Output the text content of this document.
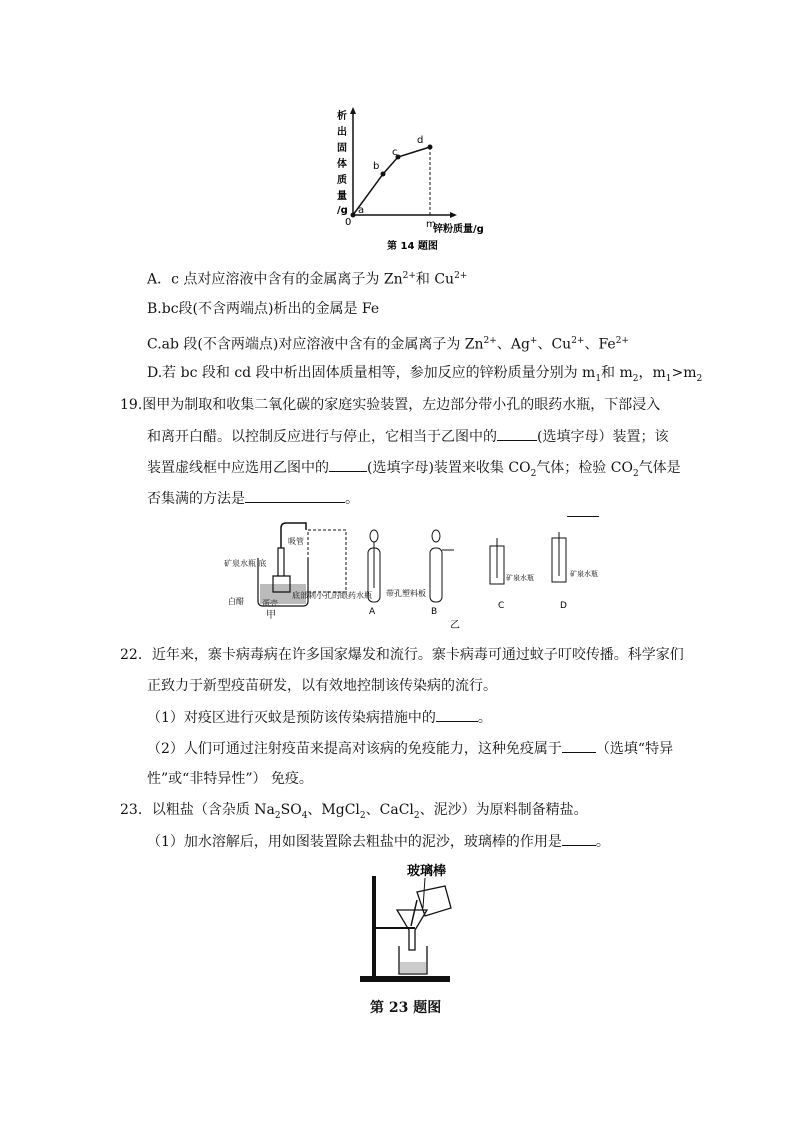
析
出
固
体
质
量
/g a
b
c
d
0	m
锌粉质量/g
第 14 题图
A．c 点对应溶液中含有的金属离子为 $Zn^{2+}$和 $Cu^{2+}$
B.bc段(不含两端点)析出的金属是 Fe
C.ab 段(不含两端点)对应溶液中含有的金属离子为 $Zn^{2+}$、Ag+、$Cu^{2+}$、$Fe^{2+}$
D.若 bc 段和 cd 段中析出固体质量相等，参加反应的锌粉质量分别为 $m_1$和 $m_2$，$m_1>m_2$
19.图甲为制取和收集二氧化碳的家庭实验装置，左边部分带小孔的眼药水瓶，下部浸入
和离开白醋。以控制反应进行与停止，它相当于乙图中的	(选填字母）装置；该
装置虚线框中应选用乙图中的	(选填字母)装置来收集 $CO_2$气体；检验 $CO_2$气体是
否集满的方法是	。
吸管
矿泉水瓶 底
白醋 蛋壳
底部刺小孔的眼药水瓶
甲	A
带孔塑料板
B
矿泉水瓶
C
矿泉水瓶
D
乙
22．近年来，寨卡病毒病在许多国家爆发和流行。寨卡病毒可通过蚊子叮咬传播。科学家们
正致力于新型疫苗研发，以有效地控制该传染病的流行。
（1）对疫区进行灭蚊是预防该传染病措施中的	。
（2）人们可通过注射疫苗来提高对该病的免疫能力，这种免疫属于 （选填“特异
性”或“非特异性”） 免疫。
23．以粗盐（含杂质 $Na_2SO_4$、MgCl$_2$、CaCl$_2$、泥沙）为原料制备精盐。
（1）加水溶解后，用如图装置除去粗盐中的泥沙，玻璃棒的作用是 。
玻璃棒
第 23 题图
